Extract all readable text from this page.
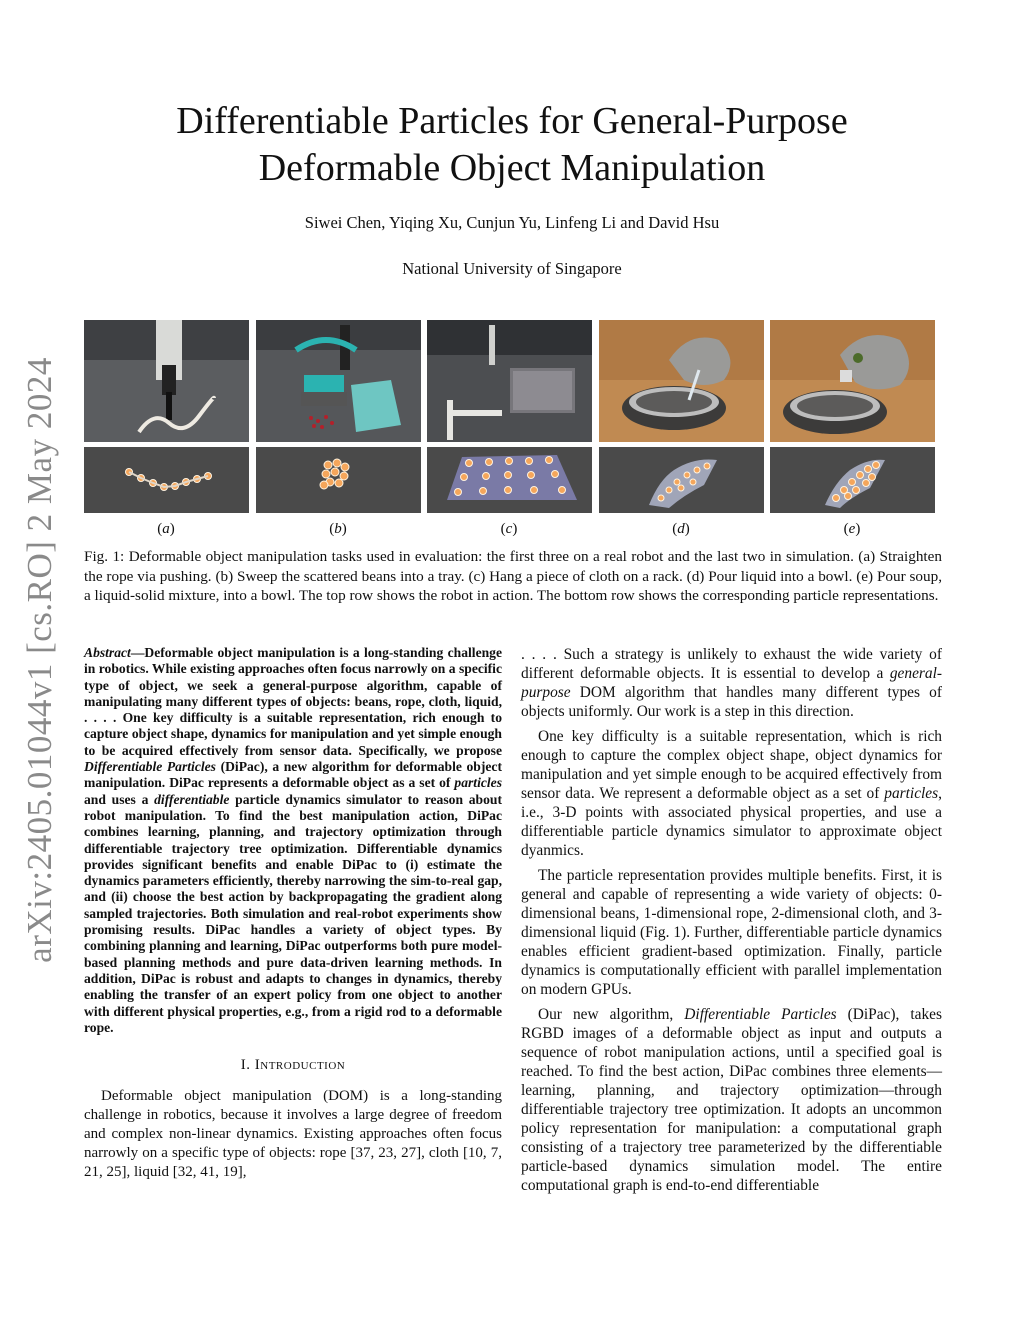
Differentiable Particles for General-Purpose
Deformable Object Manipulation
Siwei Chen, Yiqing Xu, Cunjun Yu, Linfeng Li and David Hsu
National University of Singapore
arXiv:2405.01044v1 [cs.RO] 2 May 2024	(a)	(b)	(c)	(d)	(e)
Fig. 1: Deformable object manipulation tasks used in evaluation: the first three on a real robot and the last two in simulation. (a) Straighten the rope via pushing. (b) Sweep the scattered beans into a tray. (c) Hang a piece of cloth on a rack. (d) Pour liquid into a bowl. (e) Pour soup, a liquid-solid mixture, into a bowl. The top row shows the robot in action. The bottom row shows the corresponding particle representations.

Abstract—Deformable object manipulation is a long-standing challenge in robotics. While existing approaches often focus narrowly on a specific type of object, we seek a general-purpose algorithm, capable of manipulating many different types of objects: beans, rope, cloth, liquid, . . . . One key difficulty is a suitable representation, rich enough to capture object shape, dynamics for manipulation and yet simple enough to be acquired effectively from sensor data. Specifically, we propose Differentiable Particles (DiPac), a new algorithm for deformable object manipulation. DiPac represents a deformable object as a set of particles and uses a differentiable particle dynamics simulator to reason about robot manipulation. To find the best manipulation action, DiPac combines learning, planning, and trajectory optimization through differentiable trajectory tree optimization. Differentiable dynamics provides significant benefits and enable DiPac to (i) estimate the dynamics parameters efficiently, thereby narrowing the sim-to-real gap, and (ii) choose the best action by backpropagating the gradient along sampled trajectories. Both simulation and real-robot experiments show promising results. DiPac handles a variety of object types. By combining planning and learning, DiPac outperforms both pure model-based planning methods and pure data-driven learning methods. In addition, DiPac is robust and adapts to changes in dynamics, thereby enabling the transfer of an expert policy from one object to another with different physical properties, e.g., from a rigid rod to a deformable rope.

I. Introduction

Deformable object manipulation (DOM) is a long-standing challenge in robotics, because it involves a large degree of freedom and complex non-linear dynamics. Existing approaches often focus narrowly on a specific type of objects: rope [37, 23, 27], cloth [10, 7, 21, 25], liquid [32, 41, 19],

. . . . Such a strategy is unlikely to exhaust the wide variety of different deformable objects. It is essential to develop a general-purpose DOM algorithm that handles many different types of objects uniformly. Our work is a step in this direction.

One key difficulty is a suitable representation, which is rich enough to capture the complex object shape, object dynamics for manipulation and yet simple enough to be acquired effectively from sensor data. We represent a deformable object as a set of particles, i.e., 3-D points with associated physical properties, and use a differentiable particle dynamics simulator to approximate object dyanmics.

The particle representation provides multiple benefits. First, it is general and capable of representing a wide variety of objects: 0-dimensional beans, 1-dimensional rope, 2-dimensional cloth, and 3-dimensional liquid (Fig. 1). Further, differentiable particle dynamics enables efficient gradient-based optimization. Finally, particle dynamics is computationally efficient with parallel implementation on modern GPUs.

Our new algorithm, Differentiable Particles (DiPac), takes RGBD images of a deformable object as input and outputs a sequence of robot manipulation actions, until a specified goal is reached. To find the best action, DiPac combines three elements—learning, planning, and trajectory optimization—through differentiable trajectory tree optimization. It adopts an uncommon policy representation for manipulation: a computational graph consisting of a trajectory tree parameterized by the differentiable particle-based dynamics simulation model. The entire computational graph is end-to-end differentiable
